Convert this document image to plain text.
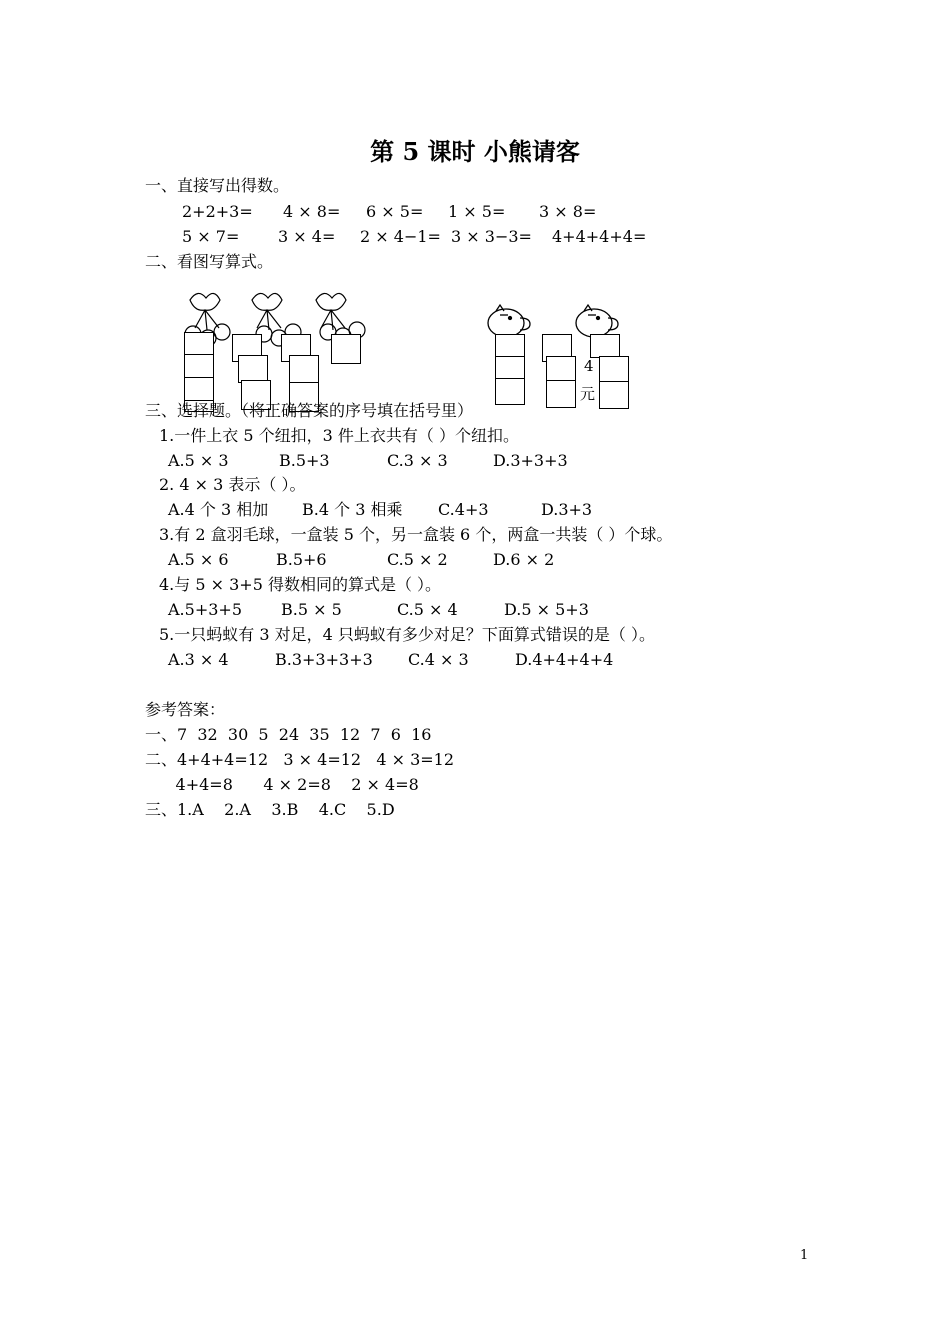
第 5 课时 小熊请客
一、直接写出得数。
2+2+3= 4 × 8= 6 × 5= 1 × 5= 3 × 8=
5 × 7= 3 × 4= 2 × 4−1= 3 × 3−3= 4+4+4+4=
二、看图写算式。
元
4
三、选择题。（将正确答案的序号填在括号里）
1.一件上衣 5 个纽扣，3 件上衣共有（ ）个纽扣。
A.5 × 3	B.5+3	C.3 × 3	D.3+3+3
2. 4 × 3 表示（ ）。
A.4 个 3 相加 B.4 个 3 相乘 C.4+3	D.3+3
3.有 2 盒羽毛球，一盒装 5 个，另一盒装 6 个，两盒一共装（ ）个球。
A.5 × 6	B.5+6	C.5 × 2	D.6 × 2
4.与 5 × 3+5 得数相同的算式是（ ）。
A.5+3+5 B.5 × 5	C.5 × 4	D.5 × 5+3
5.一只蚂蚁有 3 对足，4 只蚂蚁有多少对足？下面算式错误的是（ ）。
A.3 × 4	B.3+3+3+3 C.4 × 3	D.4+4+4+4
参考答案：
一、7  32  30  5  24  35  12  7  6  16
二、4+4+4=12   3 × 4=12   4 × 3=12
4+4=8      4 × 2=8    2 × 4=8
三、1.A    2.A    3.B    4.C    5.D
1
